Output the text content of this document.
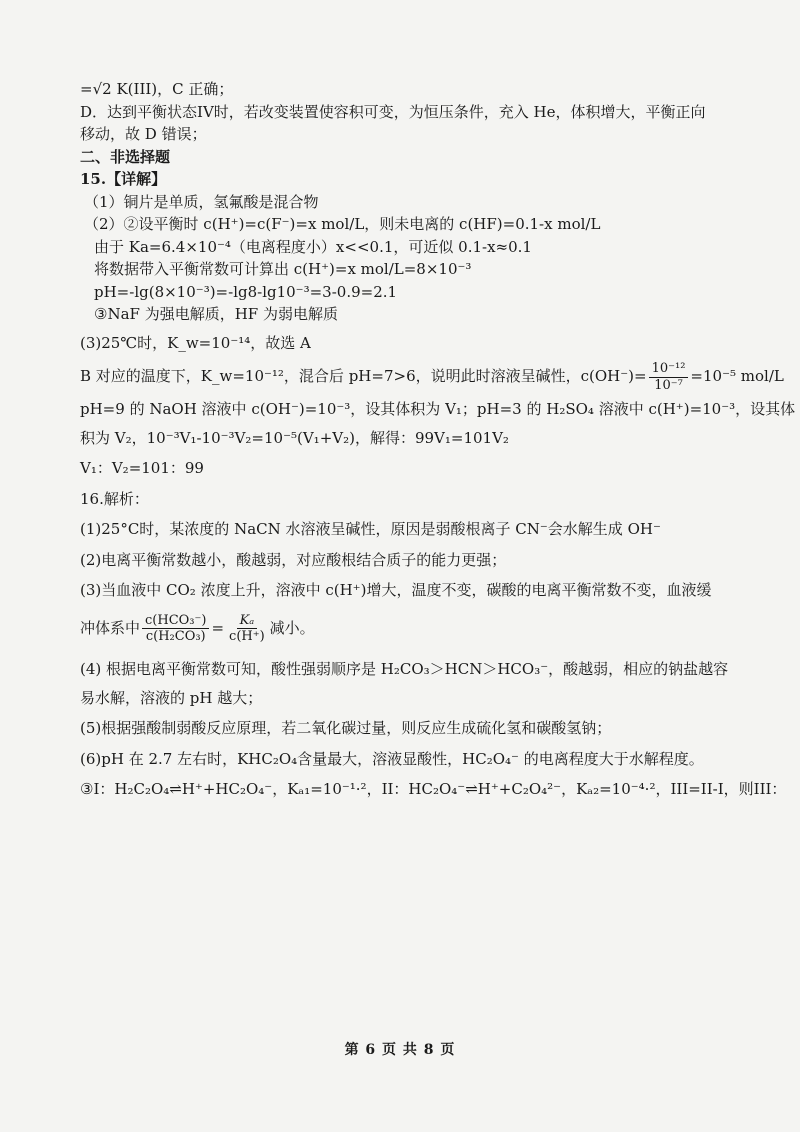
=√2 K(III)，C 正确；
D．达到平衡状态IV时，若改变装置使容积可变，为恒压条件，充入 He，体积增大，平衡正向
移动，故 D 错误；
二、非选择题
15.【详解】
（1）铜片是单质，氢氟酸是混合物
（2）②设平衡时 c(H⁺)=c(F⁻)=x mol/L，则未电离的 c(HF)=0.1-x mol/L
由于 Ka=6.4×10⁻⁴（电离程度小）x<<0.1，可近似 0.1-x≈0.1
将数据带入平衡常数可计算出 c(H⁺)=x mol/L=8×10⁻³
pH=-lg(8×10⁻³)=-lg8-lg10⁻³=3-0.9=2.1
③NaF 为强电解质，HF 为弱电解质
(3)25℃时，K_w=10⁻¹⁴，故选 A
B 对应的温度下，K_w=10⁻¹²，混合后 pH=7>6，说明此时溶液呈碱性，$c(OH^-)= \frac{\text{10⁻¹²}}{\text{10⁻⁷}} =10^{-5}$ mol/L
pH=9 的 NaOH 溶液中 c(OH⁻)=10⁻³，设其体积为 V₁；pH=3 的 H₂SO₄ 溶液中 c(H⁺)=10⁻³，设其体
积为 V₂，10⁻³V₁-10⁻³V₂=10⁻⁵(V₁+V₂)，解得：99V₁=101V₂
V₁：V₂=101：99
16.解析：
(1)25°C时，某浓度的 NaCN 水溶液呈碱性，原因是弱酸根离子 CN⁻会水解生成 OH⁻
(2)电离平衡常数越小，酸越弱，对应酸根结合质子的能力更强；
(3)当血液中 CO₂ 浓度上升，溶液中 c(H⁺)增大，温度不变，碳酸的电离平衡常数不变，血液缓
冲体系中 $\frac{\text{c(HCO₃⁻)}}{\text{c(H₂CO₃)}} = \frac{\text{Kₐ}}{c(H^+)}$ 减小。
(4) 根据电离平衡常数可知，酸性强弱顺序是 H₂CO₃＞HCN＞HCO₃⁻，酸越弱，相应的钠盐越容
易水解，溶液的 pH 越大；
(5)根据强酸制弱酸反应原理，若二氧化碳过量，则反应生成硫化氢和碳酸氢钠；
(6)pH 在 2.7 左右时，KHC₂O₄含量最大，溶液显酸性，HC₂O₄⁻ 的电离程度大于水解程度。
③I：H₂C₂O₄⇌H⁺+HC₂O₄⁻，Kₐ₁=10⁻¹·²，II：HC₂O₄⁻⇌H⁺+C₂O₄²⁻，Kₐ₂=10⁻⁴·²，III=II-I，则III：
第 6 页 共 8 页
